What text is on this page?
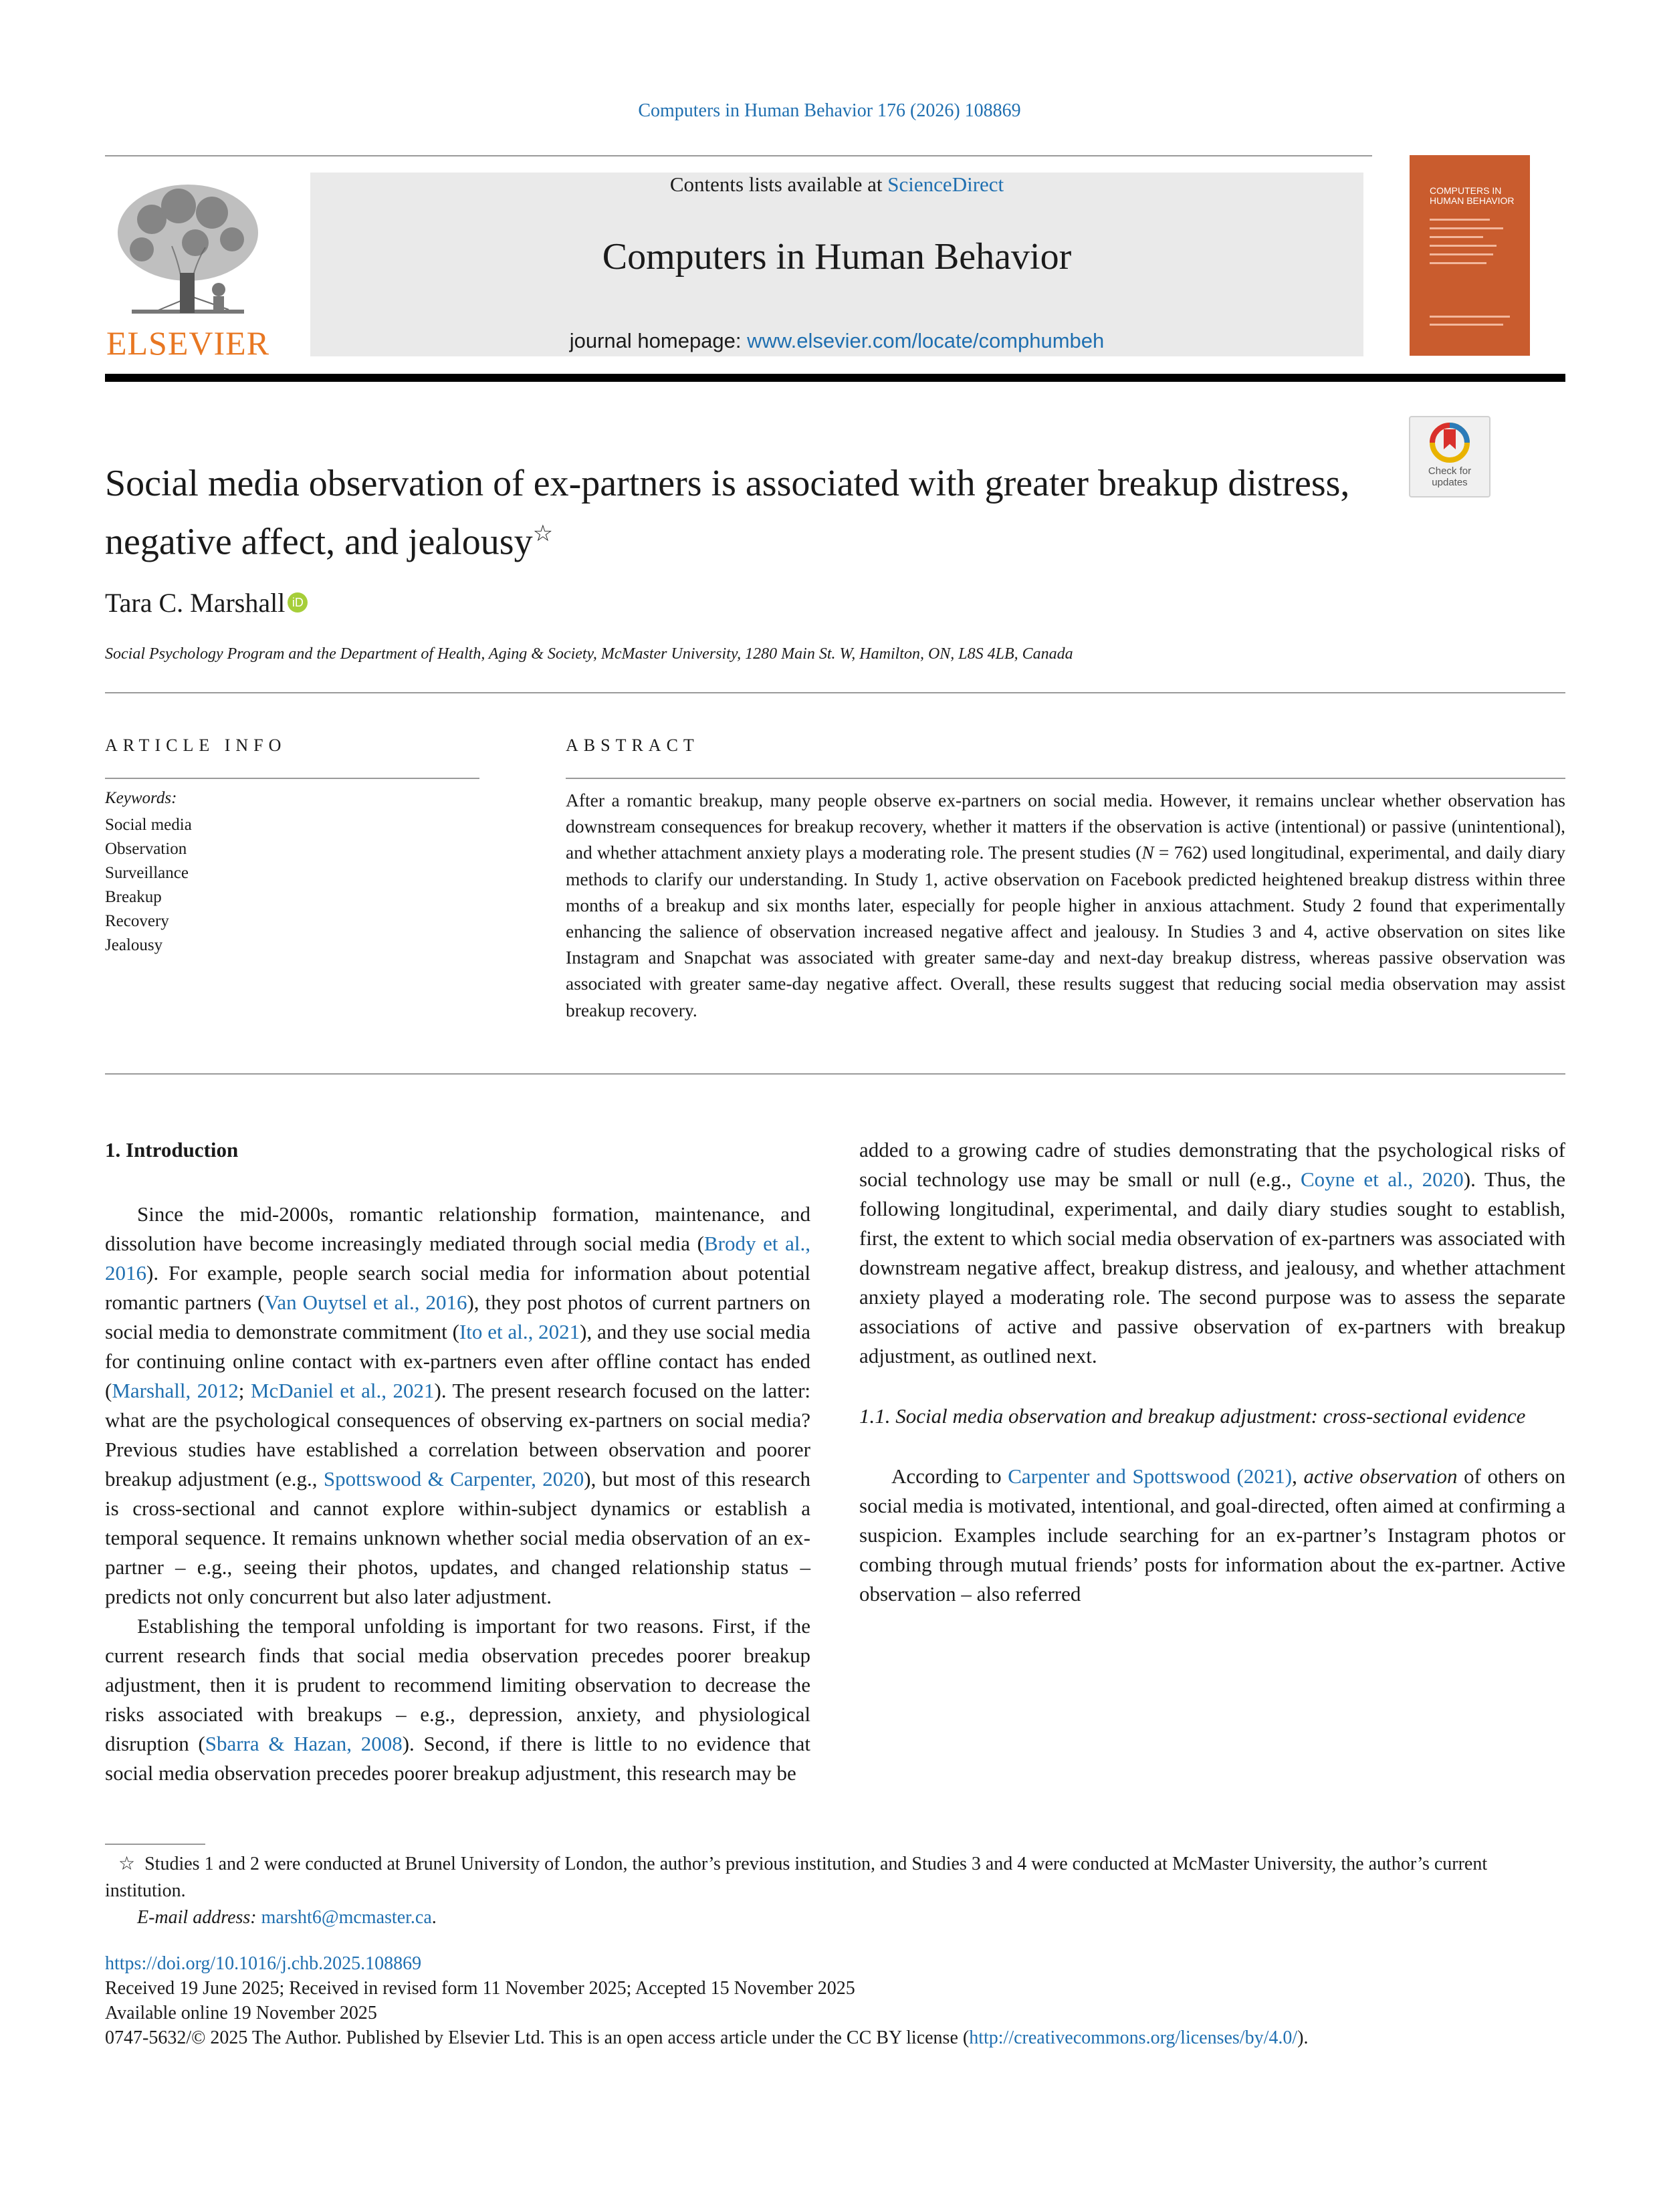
Computers in Human Behavior 176 (2026) 108869
ELSEVIER
Contents lists available at ScienceDirect
Computers in Human Behavior
journal homepage: www.elsevier.com/locate/comphumbeh
COMPUTERS IN HUMAN BEHAVIOR
Check for updates
Social media observation of ex-partners is associated with greater breakup distress, negative affect, and jealousy☆
Tara C. Marshall iD
Social Psychology Program and the Department of Health, Aging & Society, McMaster University, 1280 Main St. W, Hamilton, ON, L8S 4LB, Canada
ARTICLE INFO
Keywords:
Social media
Observation
Surveillance
Breakup
Recovery
Jealousy
ABSTRACT
After a romantic breakup, many people observe ex-partners on social media. However, it remains unclear whether observation has downstream consequences for breakup recovery, whether it matters if the observation is active (intentional) or passive (unintentional), and whether attachment anxiety plays a moderating role. The present studies (N = 762) used longitudinal, experimental, and daily diary methods to clarify our understanding. In Study 1, active observation on Facebook predicted heightened breakup distress within three months of a breakup and six months later, especially for people higher in anxious attachment. Study 2 found that experimentally enhancing the salience of observation increased negative affect and jealousy. In Studies 3 and 4, active observation on sites like Instagram and Snapchat was associated with greater same-day and next-day breakup distress, whereas passive observation was associated with greater same-day negative affect. Overall, these results suggest that reducing social media observation may assist breakup recovery.
1. Introduction

Since the mid-2000s, romantic relationship formation, maintenance, and dissolution have become increasingly mediated through social media (Brody et al., 2016). For example, people search social media for information about potential romantic partners (Van Ouytsel et al., 2016), they post photos of current partners on social media to demonstrate commitment (Ito et al., 2021), and they use social media for continuing online contact with ex-partners even after offline contact has ended (Marshall, 2012; McDaniel et al., 2021). The present research focused on the latter: what are the psychological consequences of observing ex-partners on social media? Previous studies have established a correlation between observation and poorer breakup adjustment (e.g., Spottswood & Carpenter, 2020), but most of this research is cross-sectional and cannot explore within-subject dynamics or establish a temporal sequence. It remains unknown whether social media observation of an ex-partner – e.g., seeing their photos, updates, and changed relationship status – predicts not only concurrent but also later adjustment.

Establishing the temporal unfolding is important for two reasons. First, if the current research finds that social media observation precedes poorer breakup adjustment, then it is prudent to recommend limiting observation to decrease the risks associated with breakups – e.g., depression, anxiety, and physiological disruption (Sbarra & Hazan, 2008). Second, if there is little to no evidence that social media observation precedes poorer breakup adjustment, this research may be

added to a growing cadre of studies demonstrating that the psychological risks of social technology use may be small or null (e.g., Coyne et al., 2020). Thus, the following longitudinal, experimental, and daily diary studies sought to establish, first, the extent to which social media observation of ex-partners was associated with downstream negative affect, breakup distress, and jealousy, and whether attachment anxiety played a moderating role. The second purpose was to assess the separate associations of active and passive observation of ex-partners with breakup adjustment, as outlined next.

1.1. Social media observation and breakup adjustment: cross-sectional evidence

According to Carpenter and Spottswood (2021), active observation of others on social media is motivated, intentional, and goal-directed, often aimed at confirming a suspicion. Examples include searching for an ex-partner’s Instagram photos or combing through mutual friends’ posts for information about the ex-partner. Active observation – also referred

☆ Studies 1 and 2 were conducted at Brunel University of London, the author’s previous institution, and Studies 3 and 4 were conducted at McMaster University, the author’s current institution.
E-mail address: marsht6@mcmaster.ca.
https://doi.org/10.1016/j.chb.2025.108869
Received 19 June 2025; Received in revised form 11 November 2025; Accepted 15 November 2025
Available online 19 November 2025
0747-5632/© 2025 The Author. Published by Elsevier Ltd. This is an open access article under the CC BY license (http://creativecommons.org/licenses/by/4.0/).
